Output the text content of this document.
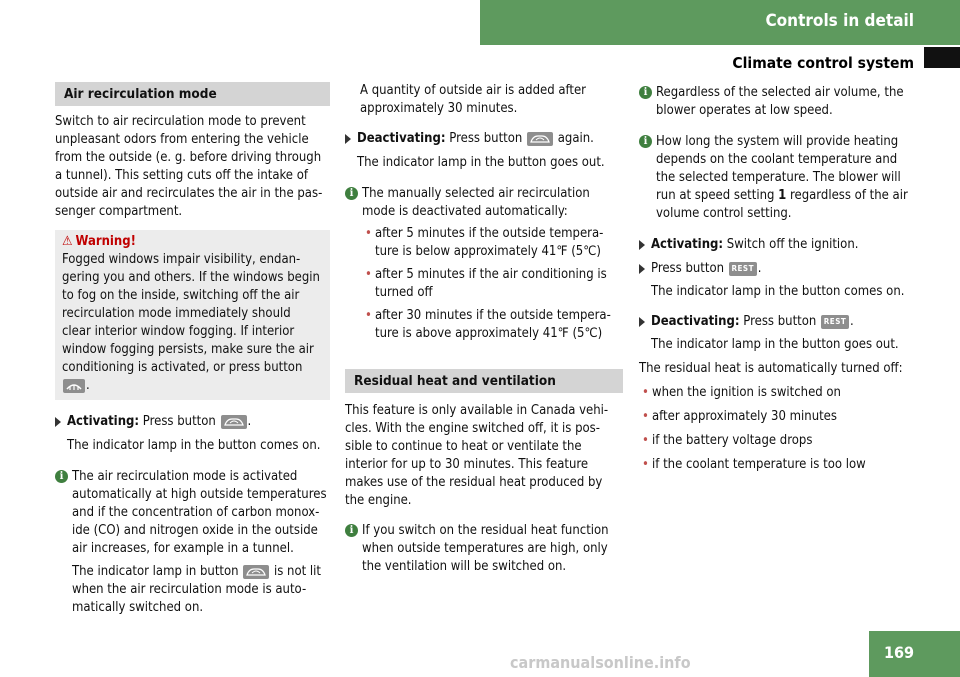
Controls in detail
Climate control system
Air recirculation mode

Switch to air recirculation mode to prevent unpleasant odors from entering the vehicle from the outside (e. g. before driving through a tunnel). This setting cuts off the intake of outside air and recirculates the air in the pas-senger compartment.

⚠ Warning!

Fogged windows impair visibility, endan-gering you and others. If the windows begin to fog on the inside, switching off the air recirculation mode immediately should clear interior window fogging. If interior window fogging persists, make sure the air conditioning is activated, or press button
.

Activating: Press button .

The indicator lamp in the button comes on.

i The air recirculation mode is activated automatically at high outside temperatures and if the concentration of carbon monox-ide (CO) and nitrogen oxide in the outside air increases, for example in a tunnel.

The indicator lamp in button	is not lit when the air recirculation mode is auto-matically switched on.

A quantity of outside air is added after approximately 30 minutes.

Deactivating: Press button	again.

The indicator lamp in the button goes out.

i The manually selected air recirculation mode is deactivated automatically:

• after 5 minutes if the outside tempera-ture is below approximately 41℉ (5℃)
• after 5 minutes if the air conditioning is turned off
• after 30 minutes if the outside tempera-ture is above approximately 41℉ (5℃)
Residual heat and ventilation

This feature is only available in Canada vehi-cles. With the engine switched off, it is pos-sible to continue to heat or ventilate the interior for up to 30 minutes. This feature makes use of the residual heat produced by the engine.

i If you switch on the residual heat function when outside temperatures are high, only the ventilation will be switched on.

i Regardless of the selected air volume, the blower operates at low speed.

i How long the system will provide heating depends on the coolant temperature and the selected temperature. The blower will run at speed setting 1 regardless of the air volume control setting.

Activating: Switch off the ignition.
Press button REST .

The indicator lamp in the button comes on.

Deactivating: Press button REST .

The indicator lamp in the button goes out.

The residual heat is automatically turned off:

• when the ignition is switched on
• after approximately 30 minutes
• if the battery voltage drops
• if the coolant temperature is too low
169
carmanualsonline.info
